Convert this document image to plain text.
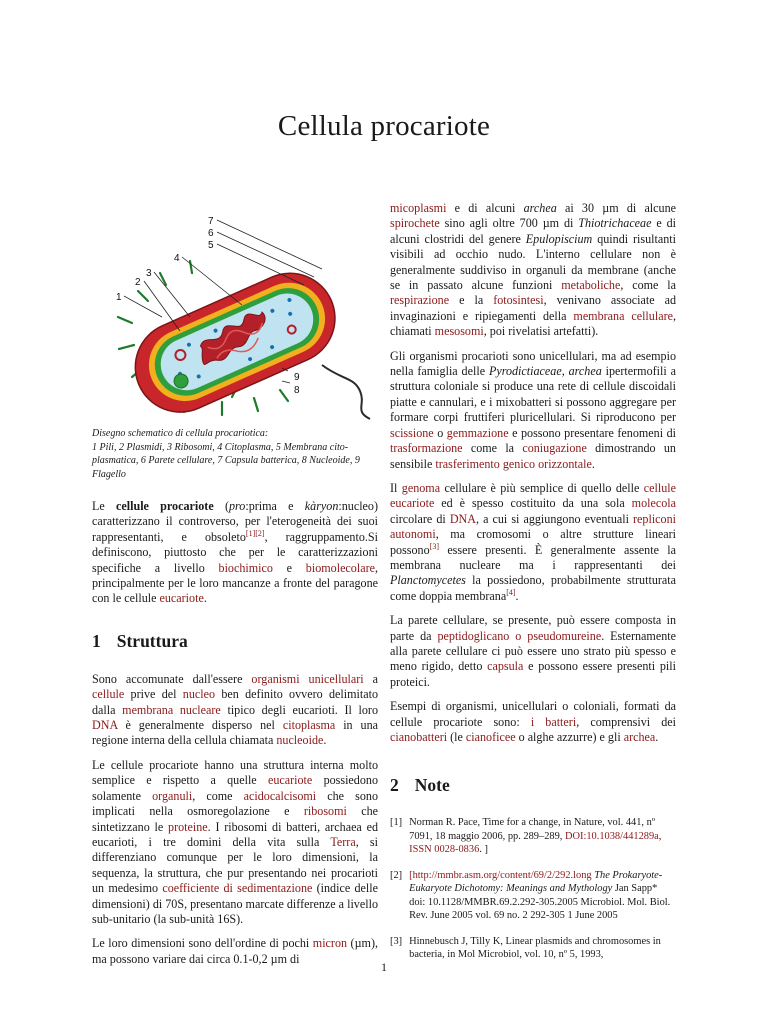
Cellula procariote
7
6
5
4
3
2
1
8
9
Disegno schematico di cellula procariotica:
1 Pili, 2 Plasmidi, 3 Ribosomi, 4 Citoplasma, 5 Membrana cito-plasmatica, 6 Parete cellulare, 7 Capsula batterica, 8 Nucleoide, 9 Flagello

Le cellule procariote (pro:prima e kàryon:nucleo) caratterizzano il controverso, per l'eterogeneità dei suoi rappresentanti, e obsoleto[1][2], raggruppamento.Si definiscono, piuttosto che per le caratterizzazioni specifiche a livello biochimico e biomolecolare, principalmente per le loro mancanze a fronte del paragone con le cellule eucariote.

1 Struttura

Sono accomunate dall'essere organismi unicellulari a cellule prive del nucleo ben definito ovvero delimitato dalla membrana nucleare tipico degli eucarioti. Il loro DNA è generalmente disperso nel citoplasma in una regione interna della cellula chiamata nucleoide.

Le cellule procariote hanno una struttura interna molto semplice e rispetto a quelle eucariote possiedono solamente organuli, come acidocalcisomi che sono implicati nella osmoregolazione e ribosomi che sintetizzano le proteine. I ribosomi di batteri, archaea ed eucarioti, i tre domini della vita sulla Terra, si differenziano comunque per le loro dimensioni, la sequenza, la struttura, che pur presentando nei procarioti un medesimo coefficiente di sedimentazione (indice delle dimensioni) di 70S, presentano marcate differenze a livello sub-unitario (la sub-unità 16S).

Le loro dimensioni sono dell'ordine di pochi micron (µm), ma possono variare dai circa 0.1-0,2 µm di

micoplasmi e di alcuni archea ai 30 µm di alcune spirochete sino agli oltre 700 µm di Thiotrichaceae e di alcuni clostridi del genere Epulopiscium quindi risultanti visibili ad occhio nudo. L'interno cellulare non è generalmente suddiviso in organuli da membrane (anche se in passato alcune funzioni metaboliche, come la respirazione e la fotosintesi, venivano associate ad invaginazioni e ripiegamenti della membrana cellulare, chiamati mesosomi, poi rivelatisi artefatti).

Gli organismi procarioti sono unicellulari, ma ad esempio nella famiglia delle Pyrodictiaceae, archea ipertermofili a struttura coloniale si produce una rete di cellule discoidali piatte e cannulari, e i mixobatteri si possono aggregare per formare corpi fruttiferi pluricellulari. Si riproducono per scissione o gemmazione e possono presentare fenomeni di trasformazione come la coniugazione dimostrando un sensibile trasferimento genico orizzontale.

Il genoma cellulare è più semplice di quello delle cellule eucariote ed è spesso costituito da una sola molecola circolare di DNA, a cui si aggiungono eventuali repliconi autonomi, ma cromosomi o altre strutture lineari possono[3] essere presenti. È generalmente assente la membrana nucleare ma i rappresentanti dei Planctomycetes la possiedono, probabilmente strutturata come doppia membrana[4].

La parete cellulare, se presente, può essere composta in parte da peptidoglicano o pseudomureine. Esternamente alla parete cellulare ci può essere uno strato più spesso e meno rigido, detto capsula e possono essere presenti pili proteici.

Esempi di organismi, unicellulari o coloniali, formati da cellule procariote sono: i batteri, comprensivi dei cianobatteri (le cianoficee o alghe azzurre) e gli archea.

2 Note
[1] Norman R. Pace, Time for a change, in Nature, vol. 441, nº 7091, 18 maggio 2006, pp. 289–289, DOI:10.1038/441289a, ISSN 0028-0836. ]
[2] [http://mmbr.asm.org/content/69/2/292.long The Prokaryote-Eukaryote Dichotomy: Meanings and Mythology Jan Sapp* doi: 10.1128/MMBR.69.2.292-305.2005 Microbiol. Mol. Biol. Rev. June 2005 vol. 69 no. 2 292-305 1 June 2005
[3] Hinnebusch J, Tilly K, Linear plasmids and chromosomes in bacteria, in Mol Microbiol, vol. 10, nº 5, 1993,
1
